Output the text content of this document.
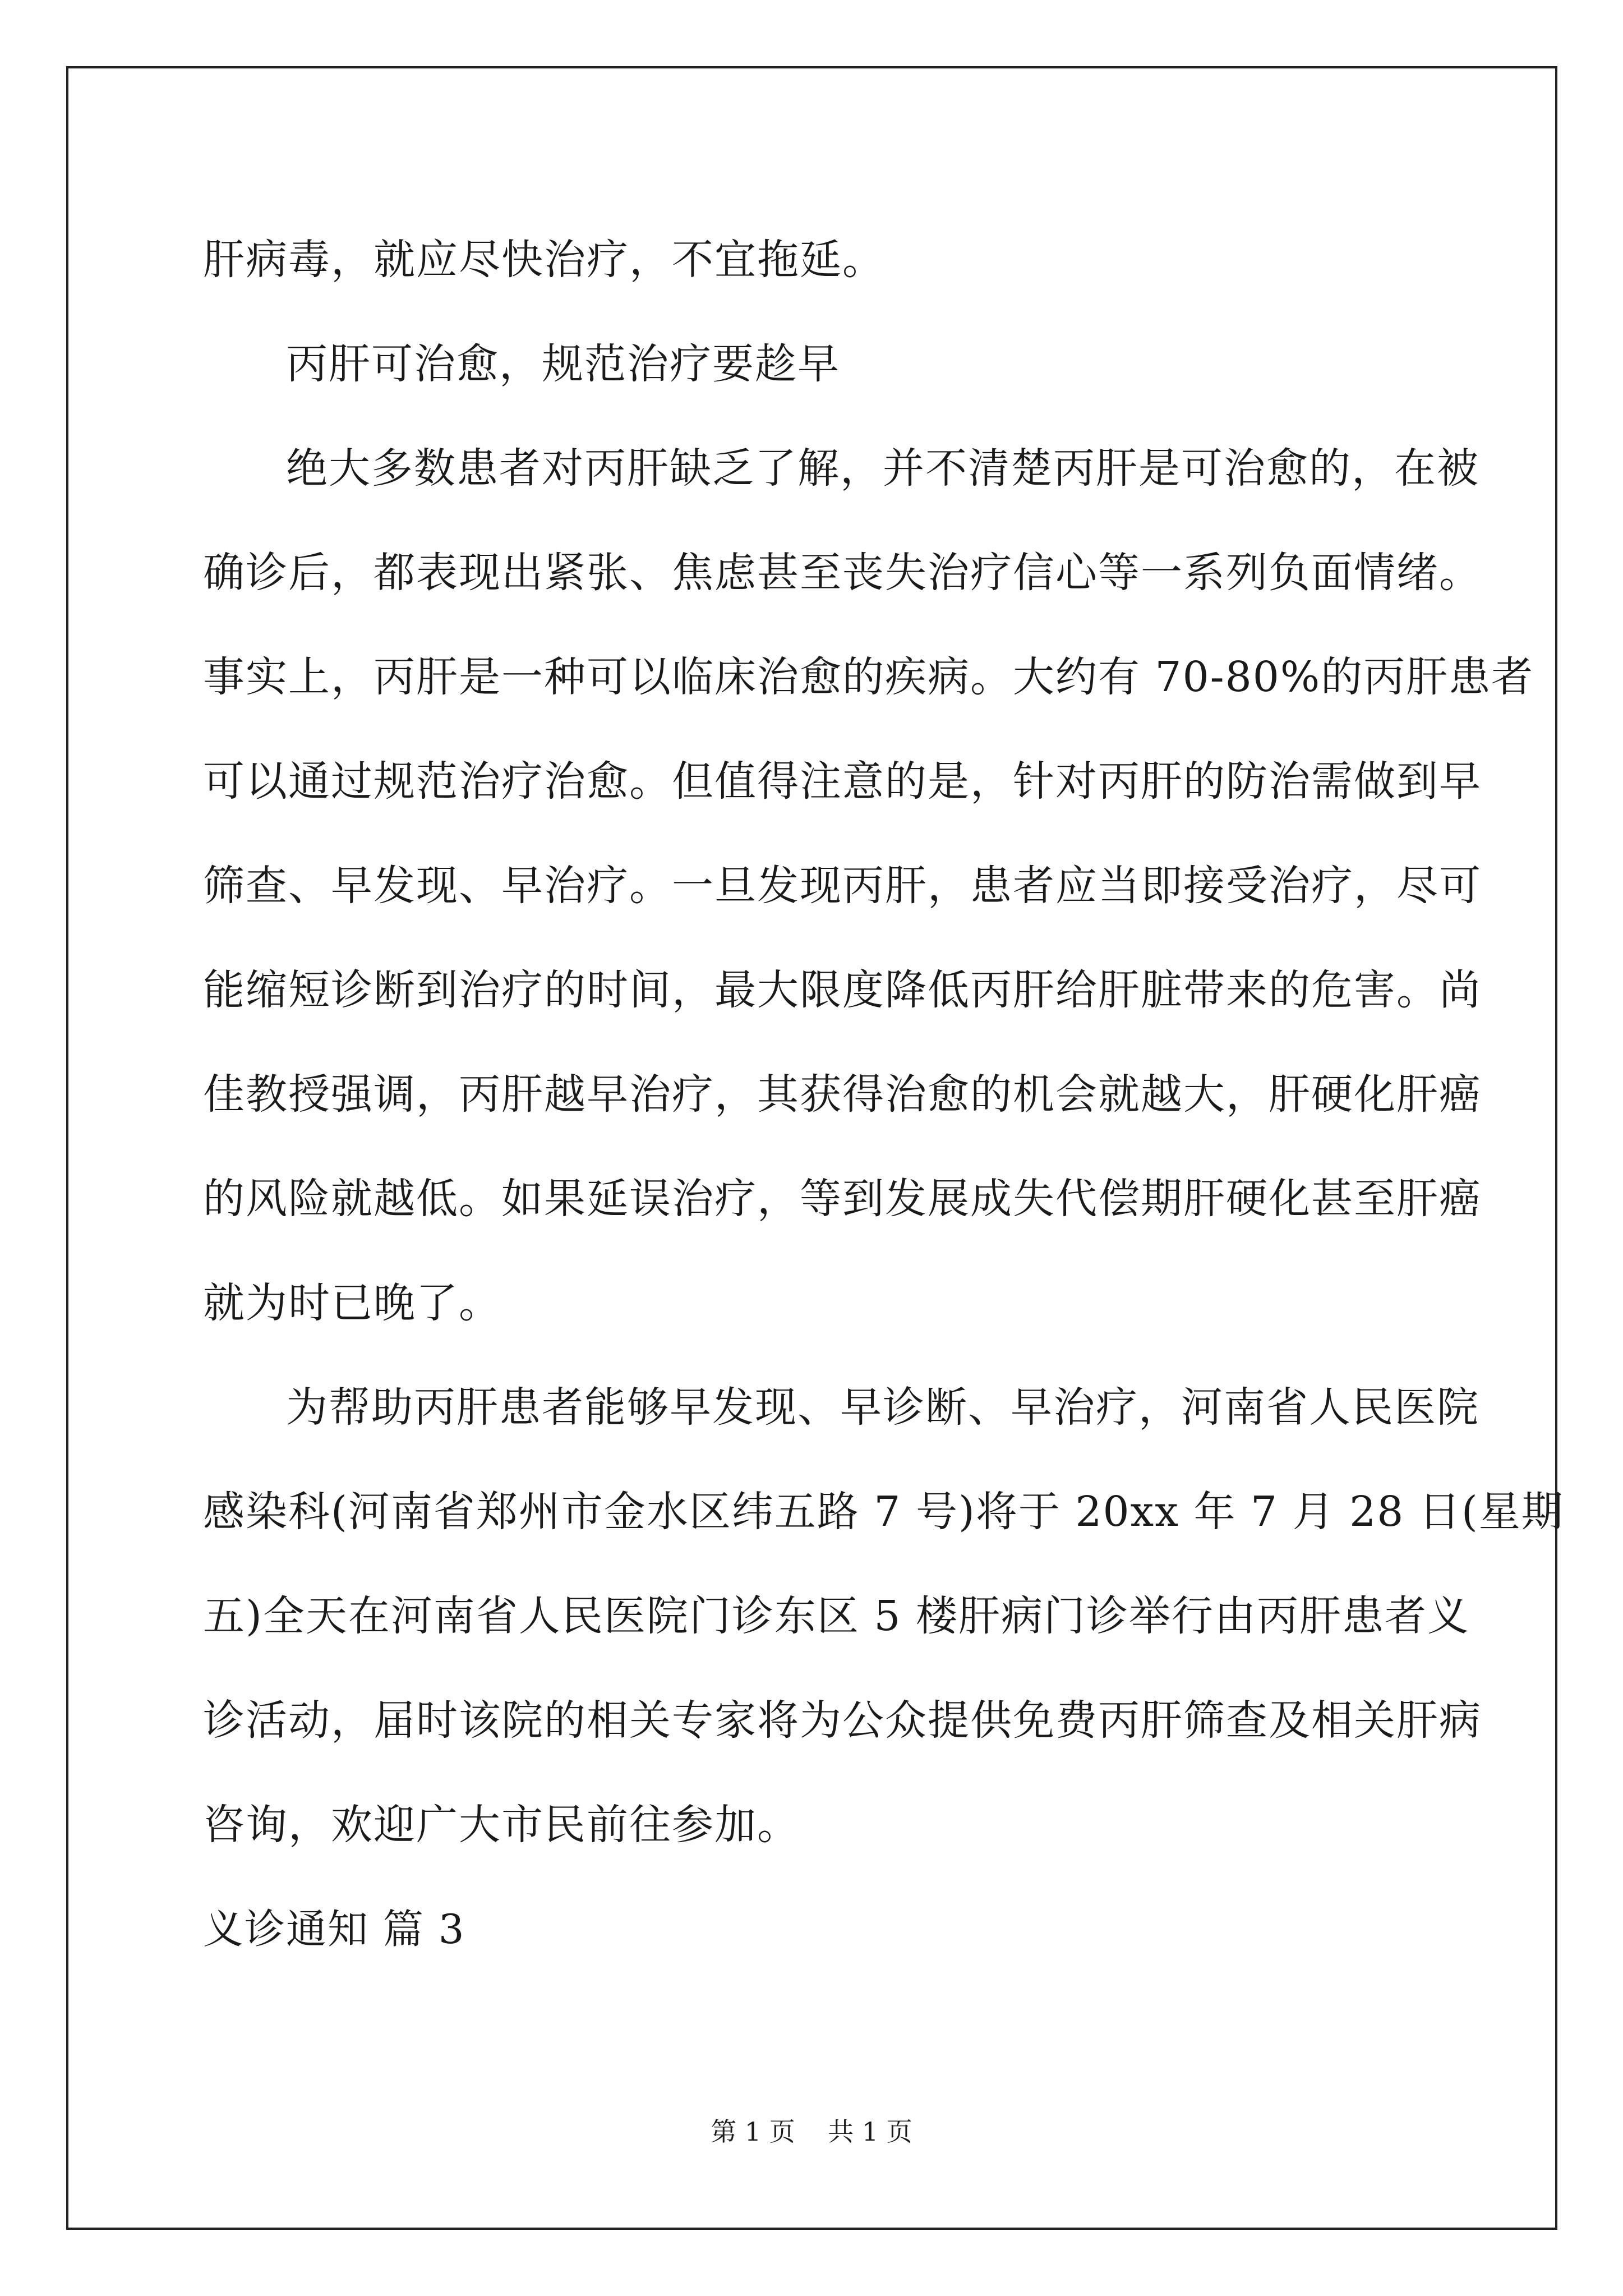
肝病毒，就应尽快治疗，不宜拖延。
丙肝可治愈，规范治疗要趁早
绝大多数患者对丙肝缺乏了解，并不清楚丙肝是可治愈的，在被
确诊后，都表现出紧张、焦虑甚至丧失治疗信心等一系列负面情绪。
事实上，丙肝是一种可以临床治愈的疾病。大约有 70-80%的丙肝患者
可以通过规范治疗治愈。但值得注意的是，针对丙肝的防治需做到早
筛查、早发现、早治疗。一旦发现丙肝，患者应当即接受治疗，尽可
能缩短诊断到治疗的时间，最大限度降低丙肝给肝脏带来的危害。尚
佳教授强调，丙肝越早治疗，其获得治愈的机会就越大，肝硬化肝癌
的风险就越低。如果延误治疗，等到发展成失代偿期肝硬化甚至肝癌
就为时已晚了。
为帮助丙肝患者能够早发现、早诊断、早治疗，河南省人民医院
感染科(河南省郑州市金水区纬五路 7 号)将于 20xx 年 7 月 28 日(星期
五)全天在河南省人民医院门诊东区 5 楼肝病门诊举行由丙肝患者义
诊活动，届时该院的相关专家将为公众提供免费丙肝筛查及相关肝病
咨询，欢迎广大市民前往参加。
义诊通知 篇 3
第 1 页    共 1 页
